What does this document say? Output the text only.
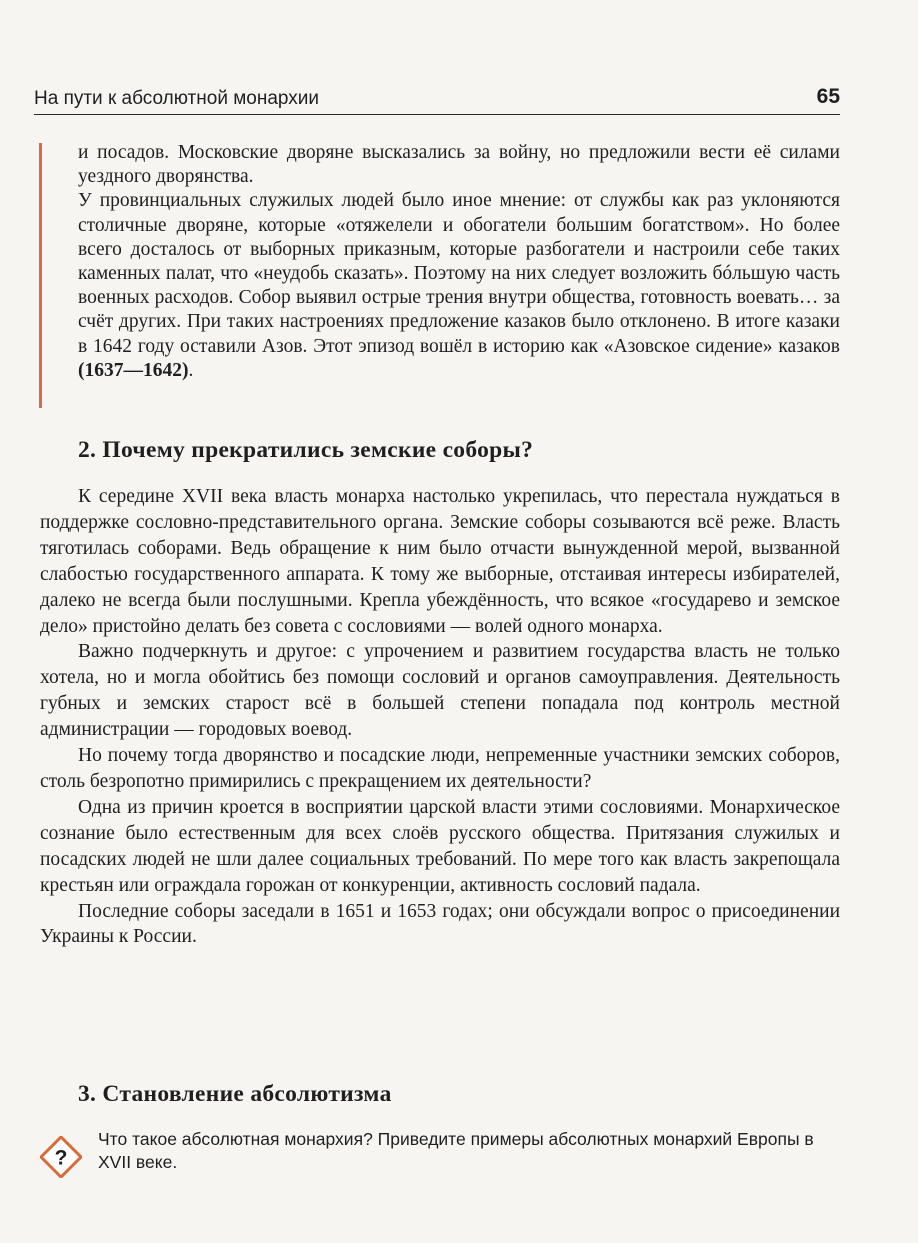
На пути к абсолютной монархии	65

и посадов. Московские дворяне высказались за войну, но предложили вести её силами уездного дворянства.

У провинциальных служилых людей было иное мнение: от службы как раз уклоняются столичные дворяне, которые «отяжелели и обогатели большим богатством». Но более всего досталось от выборных приказным, которые разбогатели и настроили себе таких каменных палат, что «неудобь сказать». Поэтому на них следует возложить бóльшую часть военных расходов. Собор выявил острые трения внутри общества, готовность воевать… за счёт других. При таких настроениях предложение казаков было отклонено. В итоге казаки в 1642 году оставили Азов. Этот эпизод вошёл в историю как «Азовское сидение» казаков (1637—1642).

2. Почему прекратились земские соборы?

К середине XVII века власть монарха настолько укрепилась, что перестала нуждаться в поддержке сословно-представительного органа. Земские соборы созываются всё реже. Власть тяготилась соборами. Ведь обращение к ним было отчасти вынужденной мерой, вызванной слабостью государственного аппарата. К тому же выборные, отстаивая интересы избирателей, далеко не всегда были послушными. Крепла убеждённость, что всякое «государево и земское дело» пристойно делать без совета с сословиями — волей одного монарха.

Важно подчеркнуть и другое: с упрочением и развитием государства власть не только хотела, но и могла обойтись без помощи сословий и органов самоуправления. Деятельность губных и земских старост всё в большей степени попадала под контроль местной администрации — городовых воевод.

Но почему тогда дворянство и посадские люди, непременные участники земских соборов, столь безропотно примирились с прекращением их деятельности?

Одна из причин кроется в восприятии царской власти этими сословиями. Монархическое сознание было естественным для всех слоёв русского общества. Притязания служилых и посадских людей не шли далее социальных требований. По мере того как власть закрепощала крестьян или ограждала горожан от конкуренции, активность сословий падала.

Последние соборы заседали в 1651 и 1653 годах; они обсуждали вопрос о присоединении Украины к России.

3. Становление абсолютизма
?
Что такое абсолютная монархия? Приведите примеры абсолютных монархий Европы в XVII веке.
